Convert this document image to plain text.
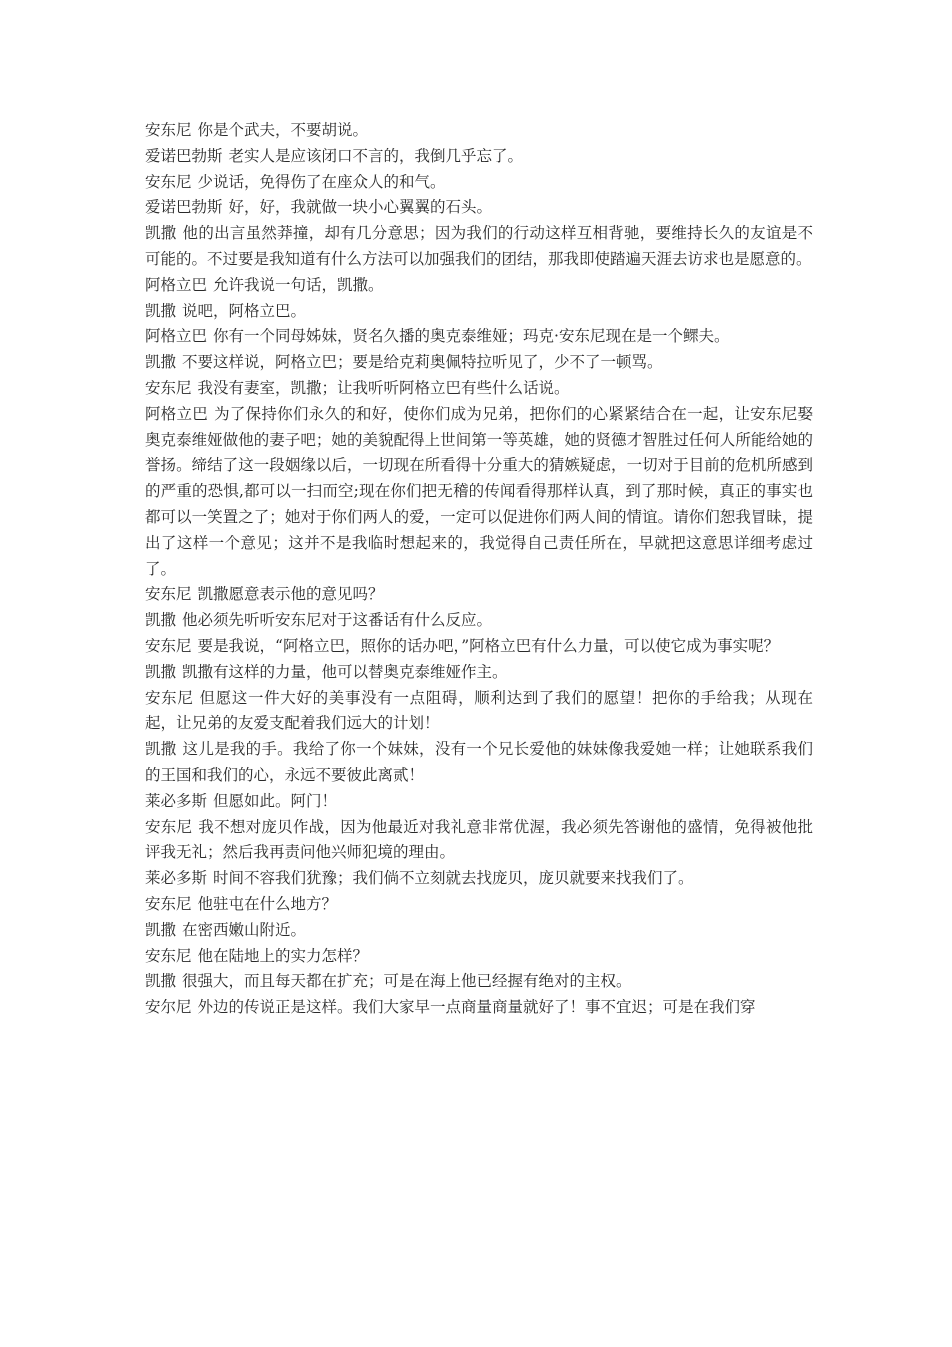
安东尼 你是个武夫，不要胡说。

爱诺巴勃斯 老实人是应该闭口不言的，我倒几乎忘了。

安东尼 少说话，免得伤了在座众人的和气。

爱诺巴勃斯 好，好，我就做一块小心翼翼的石头。

凯撒 他的出言虽然莽撞，却有几分意思；因为我们的行动这样互相背驰，要维持长久的友谊是不可能的。不过要是我知道有什么方法可以加强我们的团结，那我即使踏遍天涯去访求也是愿意的。

阿格立巴 允许我说一句话，凯撒。

凯撒 说吧，阿格立巴。

阿格立巴 你有一个同母姊妹，贤名久播的奥克泰维娅；玛克·安东尼现在是一个鳏夫。

凯撒 不要这样说，阿格立巴；要是给克莉奥佩特拉听见了，少不了一顿骂。

安东尼 我没有妻室，凯撒；让我听听阿格立巴有些什么话说。

阿格立巴 为了保持你们永久的和好，使你们成为兄弟，把你们的心紧紧结合在一起，让安东尼娶奥克泰维娅做他的妻子吧；她的美貌配得上世间第一等英雄，她的贤德才智胜过任何人所能给她的誉扬。缔结了这一段姻缘以后，一切现在所看得十分重大的猜嫉疑虑，一切对于目前的危机所感到的严重的恐惧,都可以一扫而空;现在你们把无稽的传闻看得那样认真，到了那时候，真正的事实也都可以一笑置之了；她对于你们两人的爱，一定可以促进你们两人间的情谊。请你们恕我冒昧，提出了这样一个意见；这并不是我临时想起来的，我觉得自己责任所在，早就把这意思详细考虑过了。

安东尼 凯撒愿意表示他的意见吗？

凯撒 他必须先听听安东尼对于这番话有什么反应。

安东尼 要是我说，“阿格立巴，照你的话办吧，”阿格立巴有什么力量，可以使它成为事实呢？

凯撒 凯撒有这样的力量，他可以替奥克泰维娅作主。

安东尼 但愿这一件大好的美事没有一点阻碍，顺利达到了我们的愿望！把你的手给我；从现在起，让兄弟的友爱支配着我们远大的计划！

凯撒 这儿是我的手。我给了你一个妹妹，没有一个兄长爱他的妹妹像我爱她一样；让她联系我们的王国和我们的心，永远不要彼此离贰！

莱必多斯 但愿如此。阿门！

安东尼 我不想对庞贝作战，因为他最近对我礼意非常优渥，我必须先答谢他的盛情，免得被他批评我无礼；然后我再责问他兴师犯境的理由。

莱必多斯 时间不容我们犹豫；我们倘不立刻就去找庞贝，庞贝就要来找我们了。

安东尼 他驻屯在什么地方？

凯撒 在密西嫩山附近。

安东尼 他在陆地上的实力怎样？

凯撒 很强大，而且每天都在扩充；可是在海上他已经握有绝对的主权。

安尔尼 外边的传说正是这样。我们大家早一点商量商量就好了！事不宜迟；可是在我们穿
